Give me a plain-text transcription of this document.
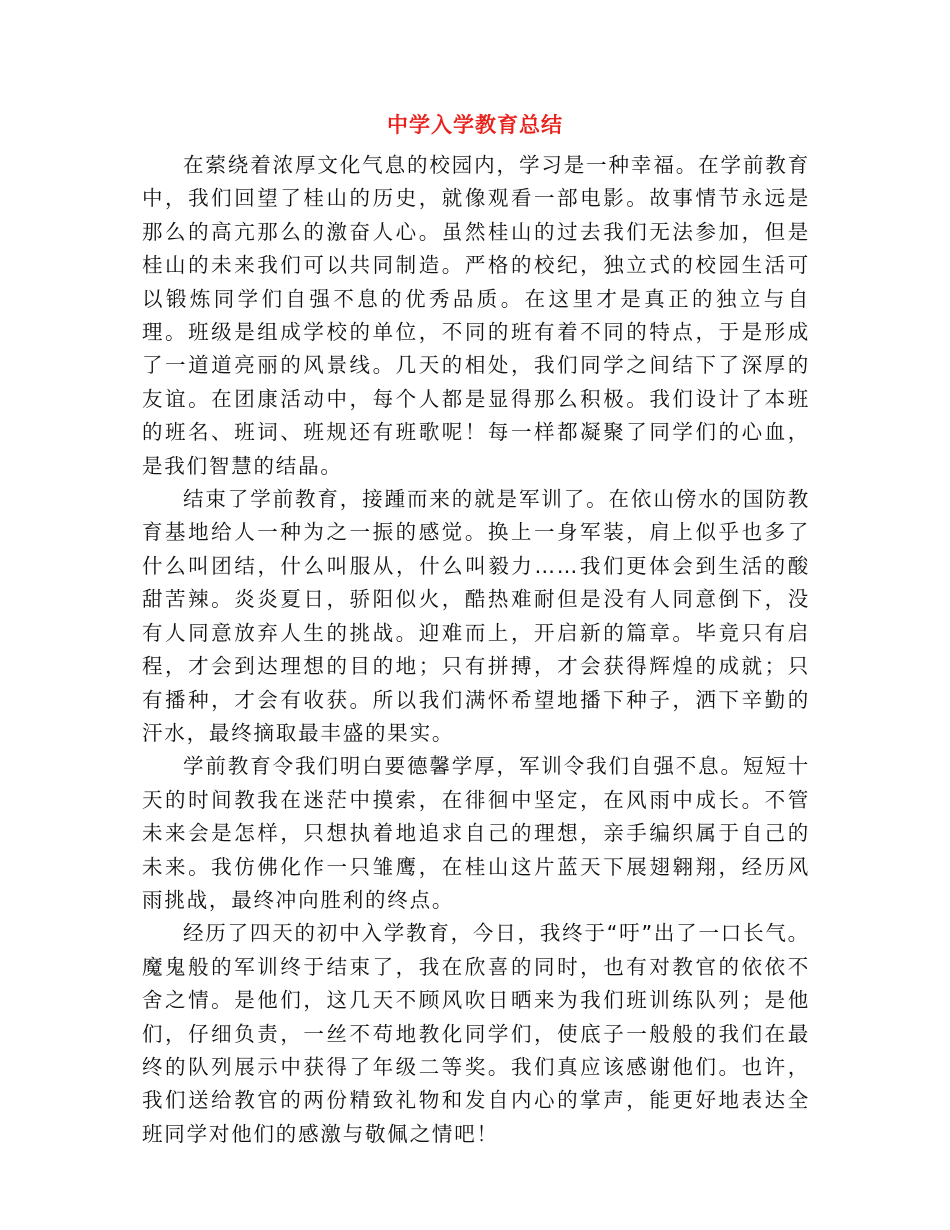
中学入学教育总结

在萦绕着浓厚文化气息的校园内，学习是一种幸福。在学前教育中，我们回望了桂山的历史，就像观看一部电影。故事情节永远是那么的高亢那么的激奋人心。虽然桂山的过去我们无法参加，但是桂山的未来我们可以共同制造。严格的校纪，独立式的校园生活可以锻炼同学们自强不息的优秀品质。在这里才是真正的独立与自理。班级是组成学校的单位，不同的班有着不同的特点，于是形成了一道道亮丽的风景线。几天的相处，我们同学之间结下了深厚的友谊。在团康活动中，每个人都是显得那么积极。我们设计了本班的班名、班词、班规还有班歌呢！每一样都凝聚了同学们的心血，是我们智慧的结晶。

结束了学前教育，接踵而来的就是军训了。在依山傍水的国防教育基地给人一种为之一振的感觉。换上一身军装，肩上似乎也多了什么叫团结，什么叫服从，什么叫毅力……我们更体会到生活的酸甜苦辣。炎炎夏日，骄阳似火，酷热难耐但是没有人同意倒下，没有人同意放弃人生的挑战。迎难而上，开启新的篇章。毕竟只有启程，才会到达理想的目的地；只有拼搏，才会获得辉煌的成就；只有播种，才会有收获。所以我们满怀希望地播下种子，洒下辛勤的汗水，最终摘取最丰盛的果实。

学前教育令我们明白要德馨学厚，军训令我们自强不息。短短十天的时间教我在迷茫中摸索，在徘徊中坚定，在风雨中成长。不管未来会是怎样，只想执着地追求自己的理想，亲手编织属于自己的未来。我仿佛化作一只雏鹰，在桂山这片蓝天下展翅翱翔，经历风雨挑战，最终冲向胜利的终点。

经历了四天的初中入学教育，今日，我终于“吁”出了一口长气。魔鬼般的军训终于结束了，我在欣喜的同时，也有对教官的依依不舍之情。是他们，这几天不顾风吹日晒来为我们班训练队列；是他们，仔细负责，一丝不苟地教化同学们，使底子一般般的我们在最终的队列展示中获得了年级二等奖。我们真应该感谢他们。也许，我们送给教官的两份精致礼物和发自内心的掌声，能更好地表达全班同学对他们的感激与敬佩之情吧！
